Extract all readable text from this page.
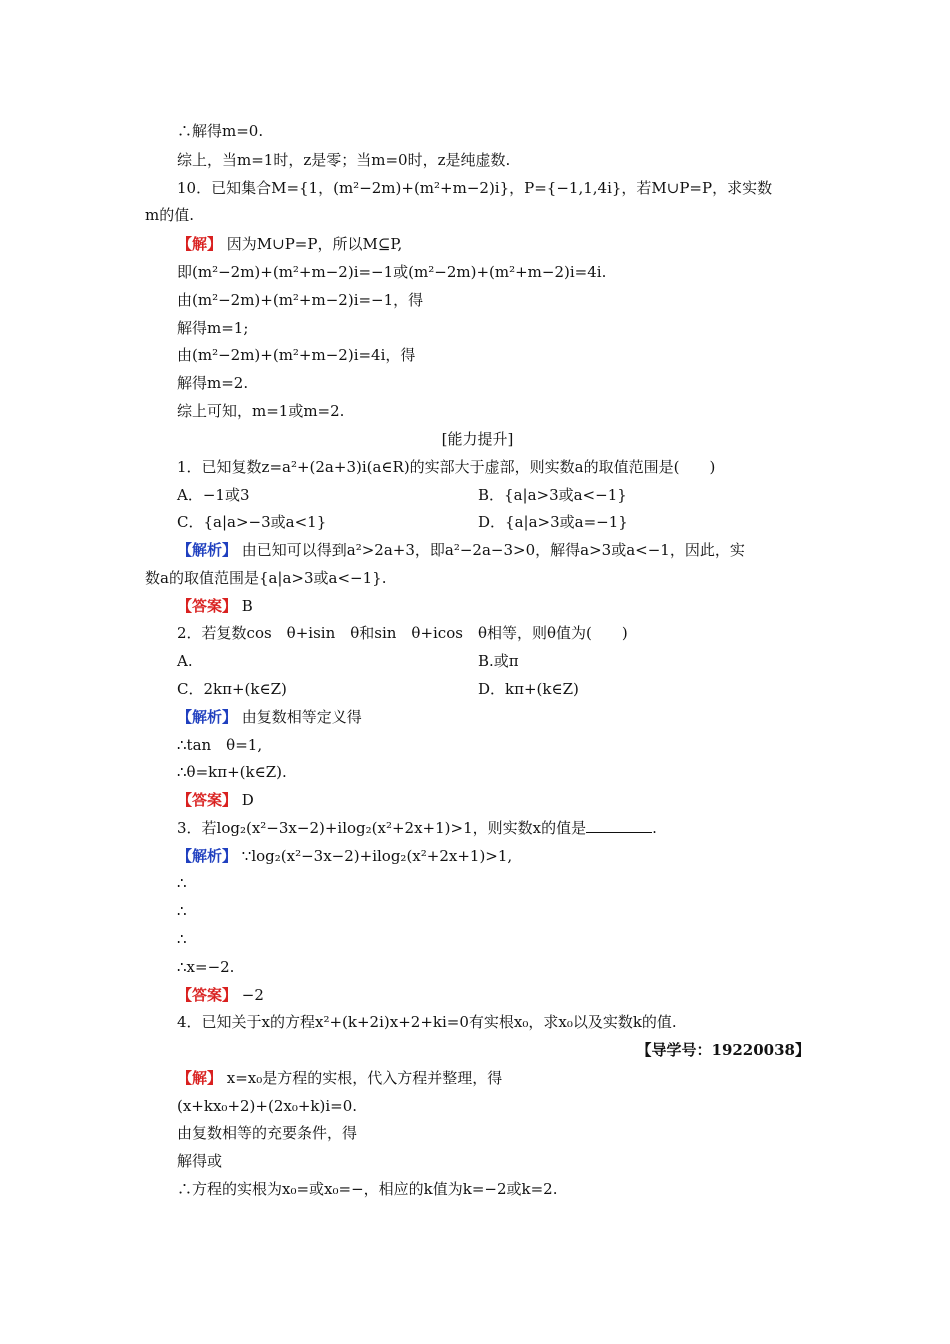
∴解得m=0.
综上，当m=1时，z是零；当m=0时，z是纯虚数.
10．已知集合M={1，(m²−2m)+(m²+m−2)i}，P={−1,1,4i}，若M∪P=P，求实数
m的值.
【解】 因为M∪P=P，所以M⊆P,
即(m²−2m)+(m²+m−2)i=−1或(m²−2m)+(m²+m−2)i=4i.
由(m²−2m)+(m²+m−2)i=−1，得
解得m=1;
由(m²−2m)+(m²+m−2)i=4i，得
解得m=2.
综上可知，m=1或m=2.
[能力提升]
1．已知复数z=a²+(2a+3)i(a∈R)的实部大于虚部，则实数a的取值范围是(　　)
A．−1或3	B．{a|a>3或a<−1}
C．{a|a>−3或a<1}	D．{a|a>3或a=−1}
【解析】 由已知可以得到a²>2a+3，即a²−2a−3>0，解得a>3或a<−1，因此，实
数a的取值范围是{a|a>3或a<−1}.
【答案】 B
2．若复数cos　θ+isin　θ和sin　θ+icos　θ相等，则θ值为(　　)
A.	B.或π
C．2kπ+(k∈Z)	D．kπ+(k∈Z)
【解析】 由复数相等定义得
∴tan　θ=1,
∴θ=kπ+(k∈Z).
【答案】 D
3．若log₂(x²−3x−2)+ilog₂(x²+2x+1)>1，则实数x的值是	.
【解析】 ∵log₂(x²−3x−2)+ilog₂(x²+2x+1)>1,
∴
∴
∴
∴x=−2.
【答案】 −2
4．已知关于x的方程x²+(k+2i)x+2+ki=0有实根x₀，求x₀以及实数k的值.
【导学号：19220038】
【解】 x=x₀是方程的实根，代入方程并整理，得
(x+kx₀+2)+(2x₀+k)i=0.
由复数相等的充要条件，得
解得或
∴方程的实根为x₀=或x₀=−，相应的k值为k=−2或k=2.
